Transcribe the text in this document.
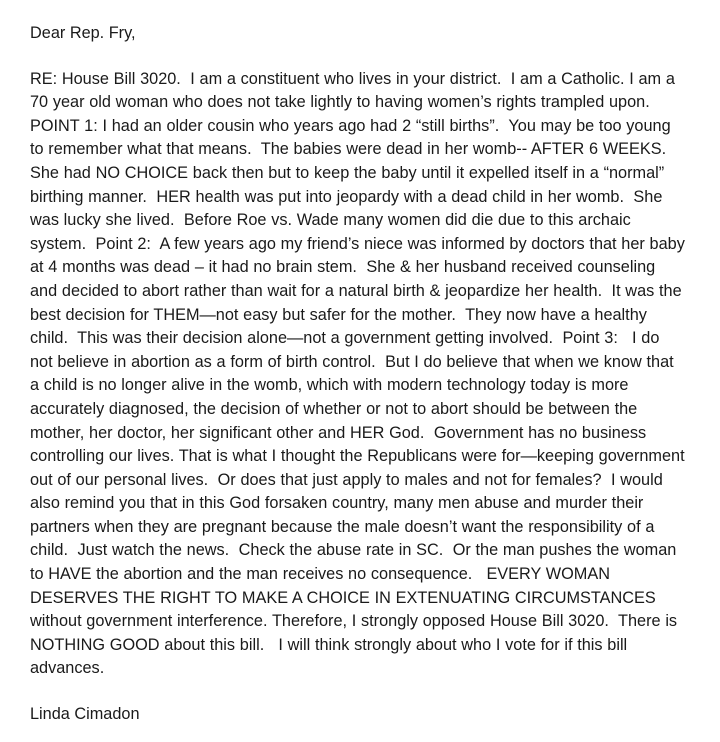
Dear Rep. Fry,

RE: House Bill 3020.  I am a constituent who lives in your district.  I am a Catholic. I am a 70 year old woman who does not take lightly to having women’s rights trampled upon.  POINT 1: I had an older cousin who years ago had 2 “still births”.  You may be too young to remember what that means.  The babies were dead in her womb-- AFTER 6 WEEKS.  She had NO CHOICE back then but to keep the baby until it expelled itself in a “normal” birthing manner.  HER health was put into jeopardy with a dead child in her womb.  She was lucky she lived.  Before Roe vs. Wade many women did die due to this archaic system.  Point 2:  A few years ago my friend’s niece was informed by doctors that her baby at 4 months was dead – it had no brain stem.  She & her husband received counseling and decided to abort rather than wait for a natural birth & jeopardize her health.  It was the best decision for THEM—not easy but safer for the mother.  They now have a healthy child.  This was their decision alone—not a government getting involved.  Point 3:   I do not believe in abortion as a form of birth control.  But I do believe that when we know that a child is no longer alive in the womb, which with modern technology today is more accurately diagnosed, the decision of whether or not to abort should be between the mother, her doctor, her significant other and HER God.  Government has no business controlling our lives. That is what I thought the Republicans were for—keeping government out of our personal lives.  Or does that just apply to males and not for females?  I would also remind you that in this God forsaken country, many men abuse and murder their partners when they are pregnant because the male doesn’t want the responsibility of a child.  Just watch the news.  Check the abuse rate in SC.  Or the man pushes the woman to HAVE the abortion and the man receives no consequence.   EVERY WOMAN DESERVES THE RIGHT TO MAKE A CHOICE IN EXTENUATING CIRCUMSTANCES without government interference. Therefore, I strongly opposed House Bill 3020.  There is NOTHING GOOD about this bill.   I will think strongly about who I vote for if this bill advances.

Linda Cimadon
